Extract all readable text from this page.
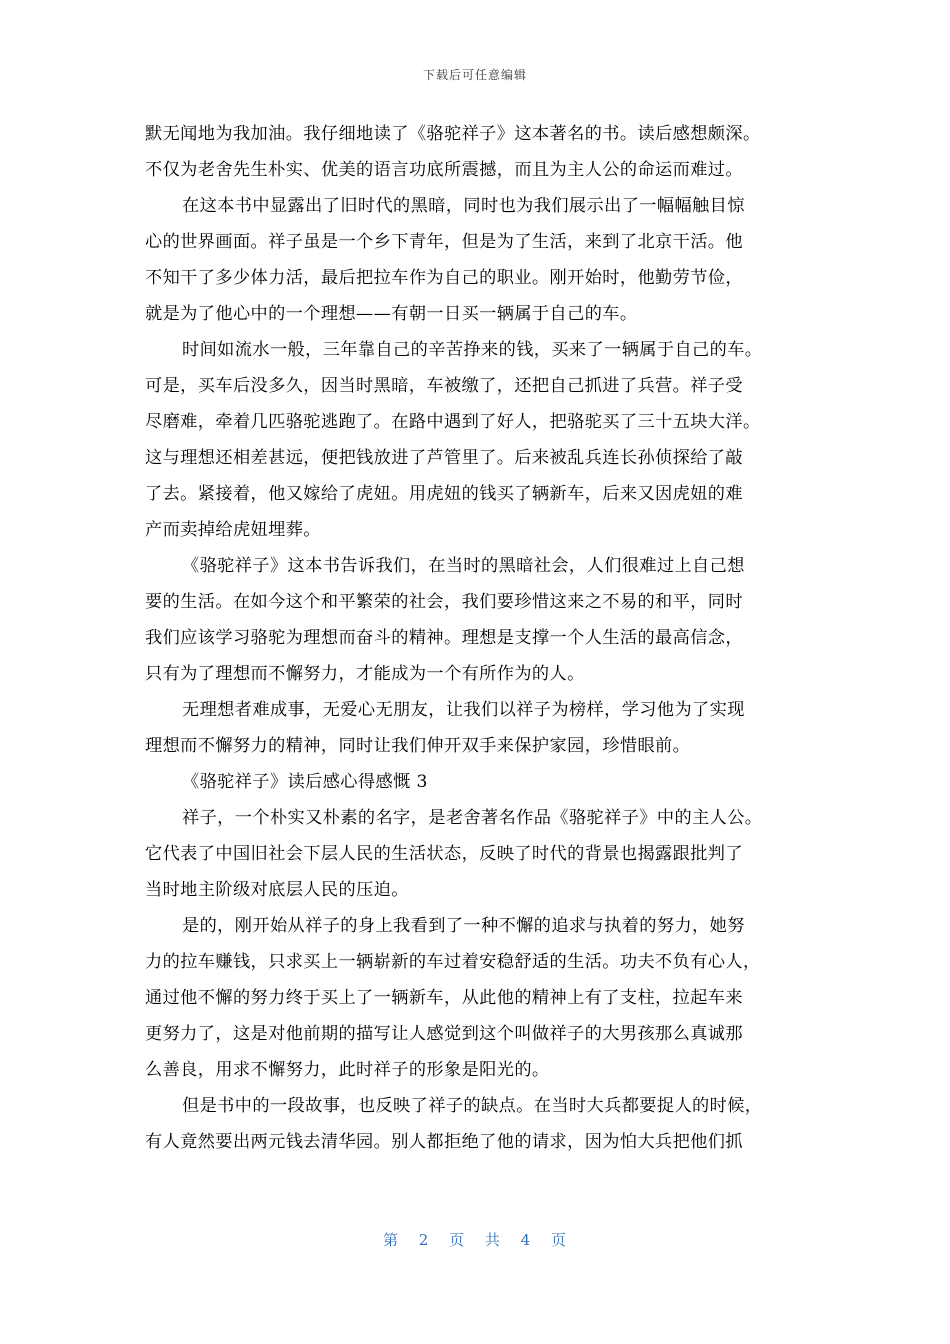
下载后可任意编辑
默无闻地为我加油。我仔细地读了《骆驼祥子》这本著名的书。读后感想颇深。
不仅为老舍先生朴实、优美的语言功底所震撼，而且为主人公的命运而难过。
在这本书中显露出了旧时代的黑暗，同时也为我们展示出了一幅幅触目惊
心的世界画面。祥子虽是一个乡下青年，但是为了生活，来到了北京干活。他
不知干了多少体力活，最后把拉车作为自己的职业。刚开始时，他勤劳节俭，
就是为了他心中的一个理想——有朝一日买一辆属于自己的车。
时间如流水一般，三年靠自己的辛苦挣来的钱，买来了一辆属于自己的车。
可是，买车后没多久，因当时黑暗，车被缴了，还把自己抓进了兵营。祥子受
尽磨难，牵着几匹骆驼逃跑了。在路中遇到了好人，把骆驼买了三十五块大洋。
这与理想还相差甚远，便把钱放进了芦管里了。后来被乱兵连长孙侦探给了敲
了去。紧接着，他又嫁给了虎妞。用虎妞的钱买了辆新车，后来又因虎妞的难
产而卖掉给虎妞埋葬。
《骆驼祥子》这本书告诉我们，在当时的黑暗社会，人们很难过上自己想
要的生活。在如今这个和平繁荣的社会，我们要珍惜这来之不易的和平，同时
我们应该学习骆驼为理想而奋斗的精神。理想是支撑一个人生活的最高信念，
只有为了理想而不懈努力，才能成为一个有所作为的人。
无理想者难成事，无爱心无朋友，让我们以祥子为榜样，学习他为了实现
理想而不懈努力的精神，同时让我们伸开双手来保护家园，珍惜眼前。
《骆驼祥子》读后感心得感慨 3
祥子，一个朴实又朴素的名字，是老舍著名作品《骆驼祥子》中的主人公。
它代表了中国旧社会下层人民的生活状态，反映了时代的背景也揭露跟批判了
当时地主阶级对底层人民的压迫。
是的，刚开始从祥子的身上我看到了一种不懈的追求与执着的努力，她努
力的拉车赚钱，只求买上一辆崭新的车过着安稳舒适的生活。功夫不负有心人，
通过他不懈的努力终于买上了一辆新车，从此他的精神上有了支柱，拉起车来
更努力了，这是对他前期的描写让人感觉到这个叫做祥子的大男孩那么真诚那
么善良，用求不懈努力，此时祥子的形象是阳光的。
但是书中的一段故事，也反映了祥子的缺点。在当时大兵都要捉人的时候，
有人竟然要出两元钱去清华园。别人都拒绝了他的请求，因为怕大兵把他们抓
第 2 页 共 4 页
